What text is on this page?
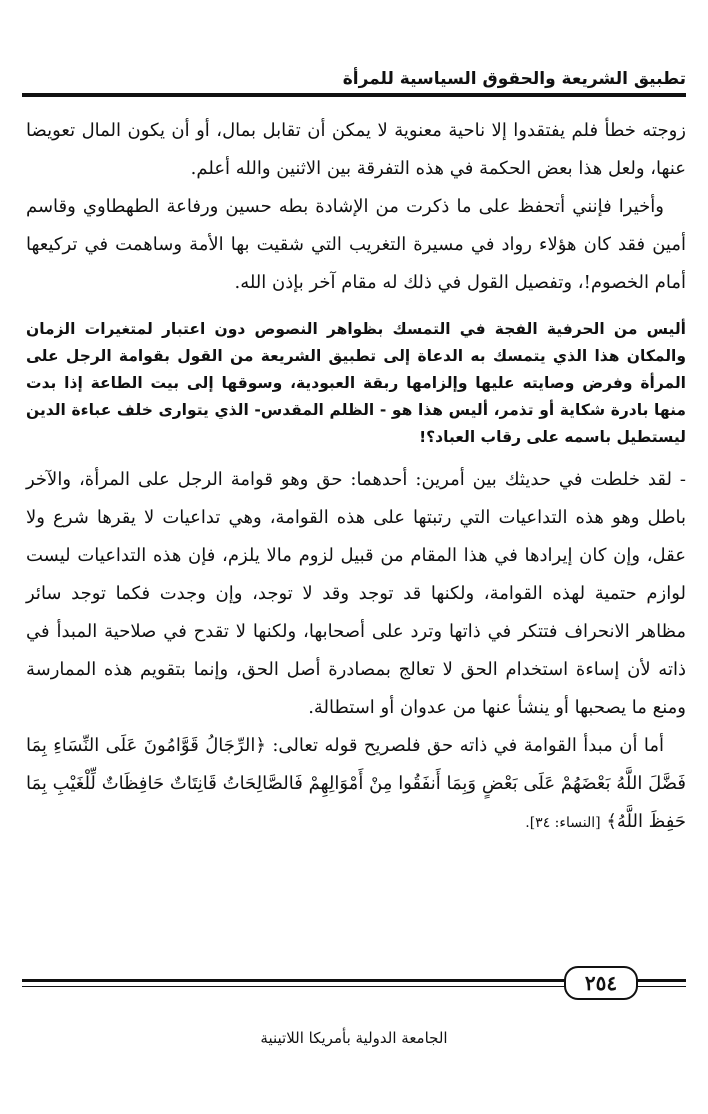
تطبيق الشريعة والحقوق السياسية للمرأة

زوجته خطأ فلم يفتقدوا إلا ناحية معنوية لا يمكن أن تقابل بمال، أو أن يكون المال تعويضا عنها، ولعل هذا بعض الحكمة في هذه التفرقة بين الاثنين والله أعلم.

وأخيرا فإنني أتحفظ على ما ذكرت من الإشادة بطه حسين ورفاعة الطهطاوي وقاسم أمين فقد كان هؤلاء رواد في مسيرة التغريب التي شقيت بها الأمة وساهمت في تركيعها أمام الخصوم!، وتفصيل القول في ذلك له مقام آخر بإذن الله.

أليس من الحرفية الفجة في التمسك بظواهر النصوص دون اعتبار لمتغيرات الزمان والمكان هذا الذي يتمسك به الدعاة إلى تطبيق الشريعة من القول بقوامة الرجل على المرأة وفرض وصايته عليها وإلزامها ربقة العبودية، وسوقها إلى بيت الطاعة إذا بدت منها بادرة شكاية أو تذمر، أليس هذا هو - الظلم المقدس- الذي يتوارى خلف عباءة الدين ليستطيل باسمه على رقاب العباد؟!

- لقد خلطت في حديثك بين أمرين: أحدهما: حق وهو قوامة الرجل على المرأة، والآخر باطل وهو هذه التداعيات التي رتبتها على هذه القوامة، وهي تداعيات لا يقرها شرع ولا عقل، وإن كان إيرادها في هذا المقام من قبيل لزوم مالا يلزم، فإن هذه التداعيات ليست لوازم حتمية لهذه القوامة، ولكنها قد توجد وقد لا توجد، وإن وجدت فكما توجد سائر مظاهر الانحراف فتتكر في ذاتها وترد على أصحابها، ولكنها لا تقدح في صلاحية المبدأ في ذاته لأن إساءة استخدام الحق لا تعالج بمصادرة أصل الحق، وإنما بتقويم هذه الممارسة ومنع ما يصحبها أو ينشأ عنها من عدوان أو استطالة.

أما أن مبدأ القوامة في ذاته حق فلصريح قوله تعالى: ﴿الرِّجَالُ قَوَّامُونَ عَلَى النِّسَاءِ بِمَا فَضَّلَ اللَّهُ بَعْضَهُمْ عَلَى بَعْضٍ وَبِمَا أَنفَقُوا مِنْ أَمْوَالِهِمْ فَالصَّالِحَاتُ قَانِتَاتٌ حَافِظَاتٌ لِّلْغَيْبِ بِمَا حَفِظَ اللَّهُ﴾ [النساء: ٣٤].

٢٥٤
الجامعة الدولية بأمريكا اللاتينية
